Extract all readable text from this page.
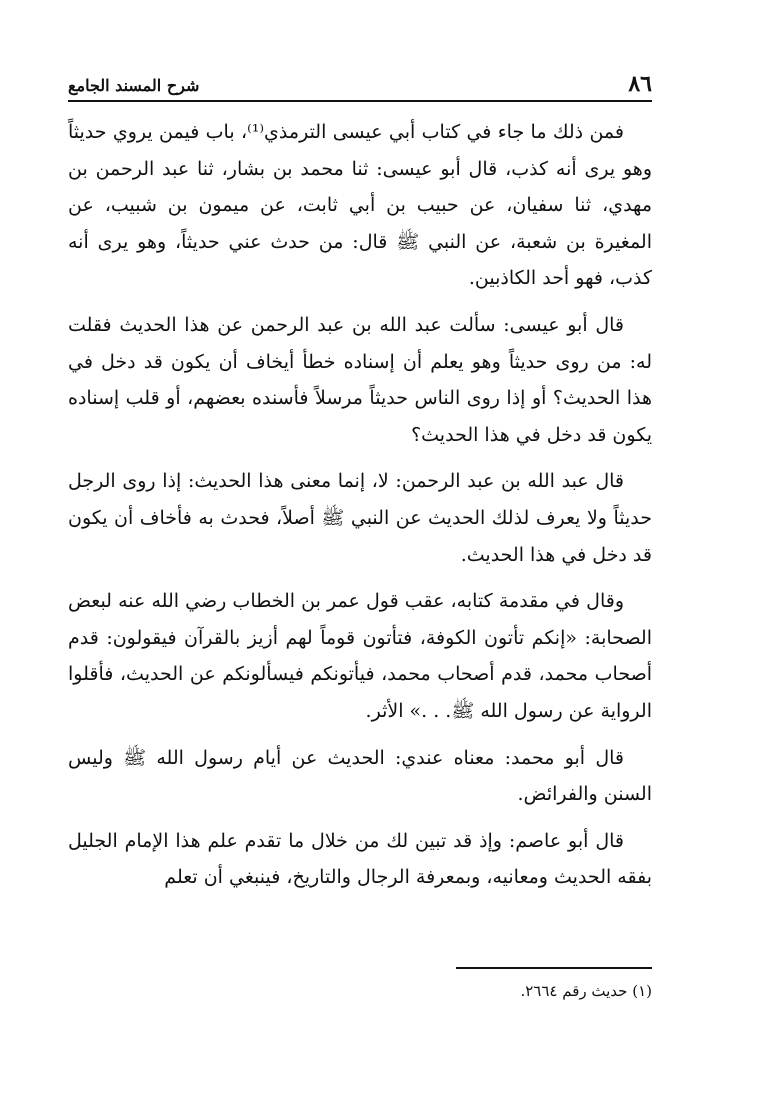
٨٦
شرح المسند الجامع

فمن ذلك ما جاء في كتاب أبي عيسى الترمذي⁽¹⁾، باب فيمن يروي حديثاً وهو يرى أنه كذب، قال أبو عيسى: ثنا محمد بن بشار، ثنا عبد الرحمن بن مهدي، ثنا سفيان، عن حبيب بن أبي ثابت، عن ميمون بن شبيب، عن المغيرة بن شعبة، عن النبي ﷺ قال: من حدث عني حديثاً، وهو يرى أنه كذب، فهو أحد الكاذبين.

قال أبو عيسى: سألت عبد الله بن عبد الرحمن عن هذا الحديث فقلت له: من روى حديثاً وهو يعلم أن إسناده خطأ أيخاف أن يكون قد دخل في هذا الحديث؟ أو إذا روى الناس حديثاً مرسلاً فأسنده بعضهم، أو قلب إسناده يكون قد دخل في هذا الحديث؟

قال عبد الله بن عبد الرحمن: لا، إنما معنى هذا الحديث: إذا روى الرجل حديثاً ولا يعرف لذلك الحديث عن النبي ﷺ أصلاً، فحدث به فأخاف أن يكون قد دخل في هذا الحديث.

وقال في مقدمة كتابه، عقب قول عمر بن الخطاب رضي الله عنه لبعض الصحابة: «إنكم تأتون الكوفة، فتأتون قوماً لهم أزيز بالقرآن فيقولون: قدم أصحاب محمد، قدم أصحاب محمد، فيأتونكم فيسألونكم عن الحديث، فأقلوا الرواية عن رسول الله ﷺ. . .» الأثر.

قال أبو محمد: معناه عندي: الحديث عن أيام رسول الله ﷺ وليس السنن والفرائض.

قال أبو عاصم: وإذ قد تبين لك من خلال ما تقدم علم هذا الإمام الجليل بفقه الحديث ومعانيه، وبمعرفة الرجال والتاريخ، فينبغي أن تعلم

(١) حديث رقم ٢٦٦٤.
